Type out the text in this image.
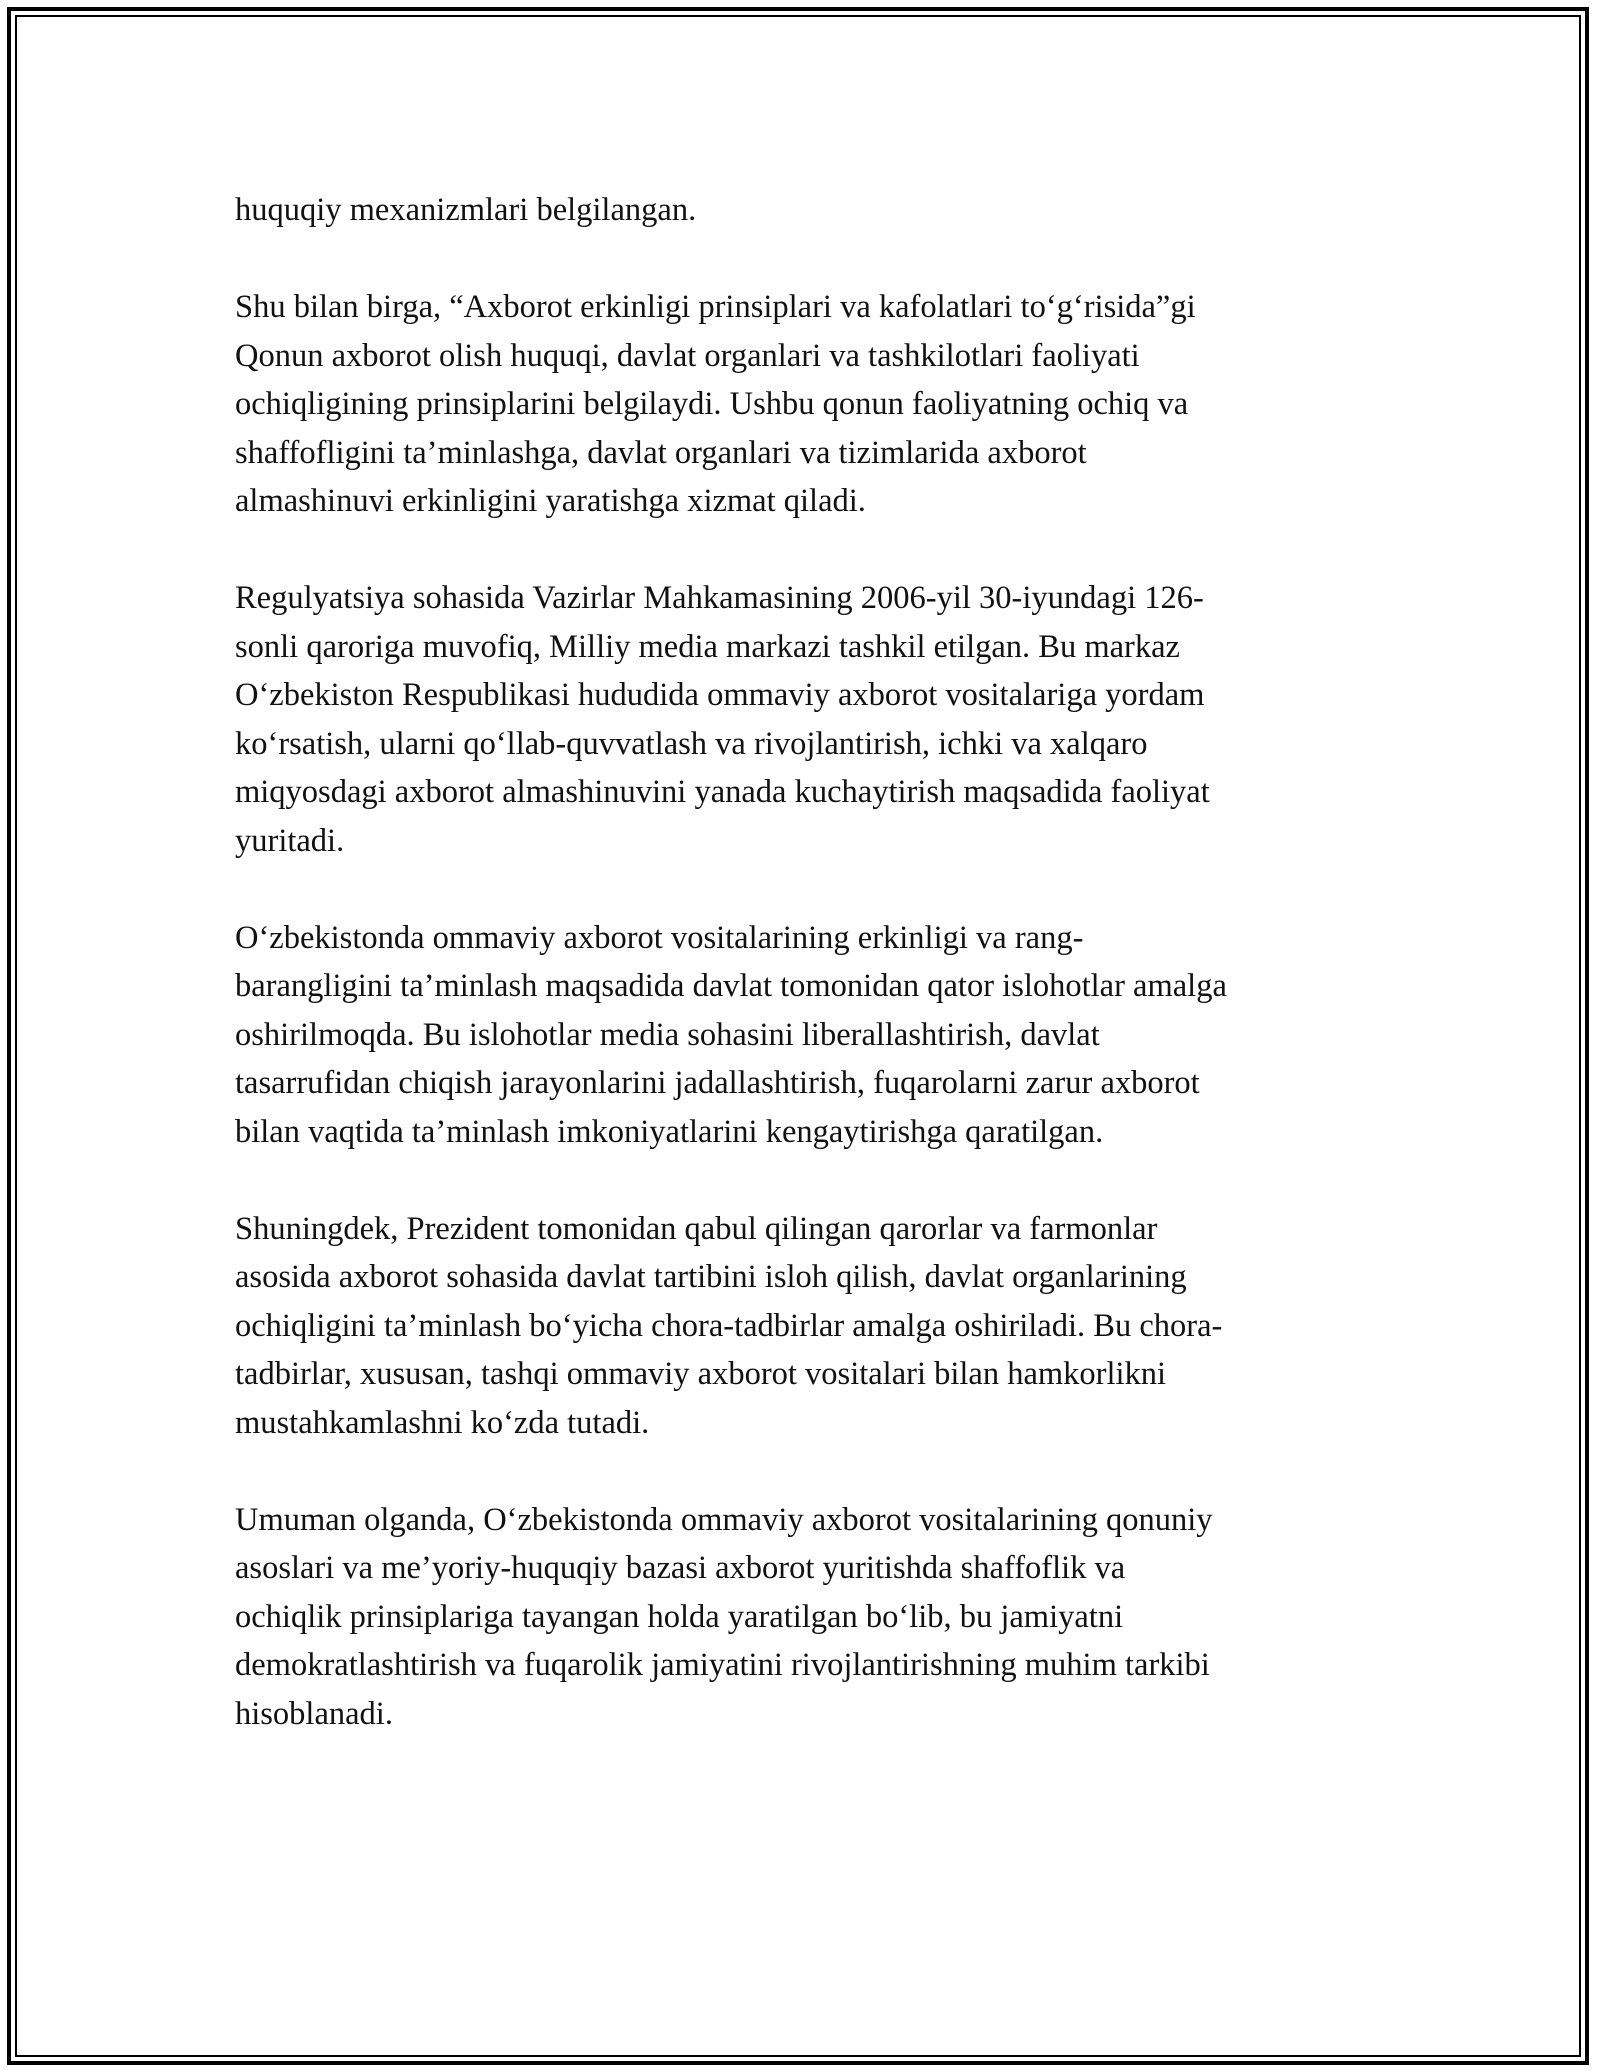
huquqiy mexanizmlari belgilangan.

Shu bilan birga, “Axborot erkinligi prinsiplari va kafolatlari to‘g‘risida”gi
Qonun axborot olish huquqi, davlat organlari va tashkilotlari faoliyati
ochiqligining prinsiplarini belgilaydi. Ushbu qonun faoliyatning ochiq va
shaffofligini ta’minlashga, davlat organlari va tizimlarida axborot
almashinuvi erkinligini yaratishga xizmat qiladi.

Regulyatsiya sohasida Vazirlar Mahkamasining 2006-yil 30-iyundagi 126-
sonli qaroriga muvofiq, Milliy media markazi tashkil etilgan. Bu markaz
O‘zbekiston Respublikasi hududida ommaviy axborot vositalariga yordam
ko‘rsatish, ularni qo‘llab-quvvatlash va rivojlantirish, ichki va xalqaro
miqyosdagi axborot almashinuvini yanada kuchaytirish maqsadida faoliyat
yuritadi.

O‘zbekistonda ommaviy axborot vositalarining erkinligi va rang-
barangligini ta’minlash maqsadida davlat tomonidan qator islohotlar amalga
oshirilmoqda. Bu islohotlar media sohasini liberallashtirish, davlat
tasarrufidan chiqish jarayonlarini jadallashtirish, fuqarolarni zarur axborot
bilan vaqtida ta’minlash imkoniyatlarini kengaytirishga qaratilgan.

Shuningdek, Prezident tomonidan qabul qilingan qarorlar va farmonlar
asosida axborot sohasida davlat tartibini isloh qilish, davlat organlarining
ochiqligini ta’minlash bo‘yicha chora-tadbirlar amalga oshiriladi. Bu chora-
tadbirlar, xususan, tashqi ommaviy axborot vositalari bilan hamkorlikni
mustahkamlashni ko‘zda tutadi.

Umuman olganda, O‘zbekistonda ommaviy axborot vositalarining qonuniy
asoslari va me’yoriy-huquqiy bazasi axborot yuritishda shaffoflik va
ochiqlik prinsiplariga tayangan holda yaratilgan bo‘lib, bu jamiyatni
demokratlashtirish va fuqarolik jamiyatini rivojlantirishning muhim tarkibi
hisoblanadi.
